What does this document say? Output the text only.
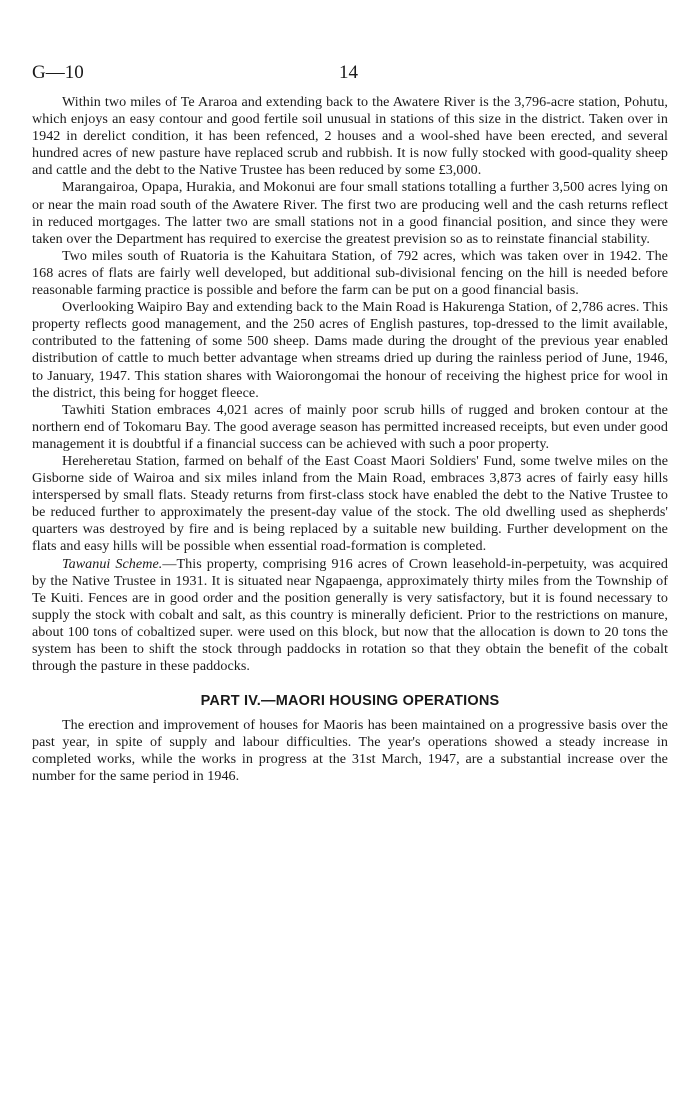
G—10	14

Within two miles of Te Araroa and extending back to the Awatere River is the 3,796-acre station, Pohutu, which enjoys an easy contour and good fertile soil unusual in stations of this size in the district. Taken over in 1942 in derelict condition, it has been refenced, 2 houses and a wool-shed have been erected, and several hundred acres of new pasture have replaced scrub and rubbish. It is now fully stocked with good-quality sheep and cattle and the debt to the Native Trustee has been reduced by some £3,000.

Marangairoa, Opapa, Hurakia, and Mokonui are four small stations totalling a further 3,500 acres lying on or near the main road south of the Awatere River. The first two are producing well and the cash returns reflect in reduced mortgages. The latter two are small stations not in a good financial position, and since they were taken over the Department has required to exercise the greatest prevision so as to reinstate financial stability.

Two miles south of Ruatoria is the Kahuitara Station, of 792 acres, which was taken over in 1942. The 168 acres of flats are fairly well developed, but additional sub-divisional fencing on the hill is needed before reasonable farming practice is possible and before the farm can be put on a good financial basis.

Overlooking Waipiro Bay and extending back to the Main Road is Hakurenga Station, of 2,786 acres. This property reflects good management, and the 250 acres of English pastures, top-dressed to the limit available, contributed to the fattening of some 500 sheep. Dams made during the drought of the previous year enabled distribution of cattle to much better advantage when streams dried up during the rainless period of June, 1946, to January, 1947. This station shares with Waiorongomai the honour of receiving the highest price for wool in the district, this being for hogget fleece.

Tawhiti Station embraces 4,021 acres of mainly poor scrub hills of rugged and broken contour at the northern end of Tokomaru Bay. The good average season has permitted increased receipts, but even under good management it is doubtful if a financial success can be achieved with such a poor property.

Hereheretau Station, farmed on behalf of the East Coast Maori Soldiers' Fund, some twelve miles on the Gisborne side of Wairoa and six miles inland from the Main Road, embraces 3,873 acres of fairly easy hills interspersed by small flats. Steady returns from first-class stock have enabled the debt to the Native Trustee to be reduced further to approximately the present-day value of the stock. The old dwelling used as shepherds' quarters was destroyed by fire and is being replaced by a suitable new building. Further development on the flats and easy hills will be possible when essential road-formation is completed.

Tawanui Scheme.—This property, comprising 916 acres of Crown leasehold-in-perpetuity, was acquired by the Native Trustee in 1931. It is situated near Ngapaenga, approximately thirty miles from the Township of Te Kuiti. Fences are in good order and the position generally is very satisfactory, but it is found necessary to supply the stock with cobalt and salt, as this country is minerally deficient. Prior to the restrictions on manure, about 100 tons of cobaltized super. were used on this block, but now that the allocation is down to 20 tons the system has been to shift the stock through paddocks in rotation so that they obtain the benefit of the cobalt through the pasture in these paddocks.

PART IV.—MAORI HOUSING OPERATIONS

The erection and improvement of houses for Maoris has been maintained on a progressive basis over the past year, in spite of supply and labour difficulties. The year's operations showed a steady increase in completed works, while the works in progress at the 31st March, 1947, are a substantial increase over the number for the same period in 1946.
